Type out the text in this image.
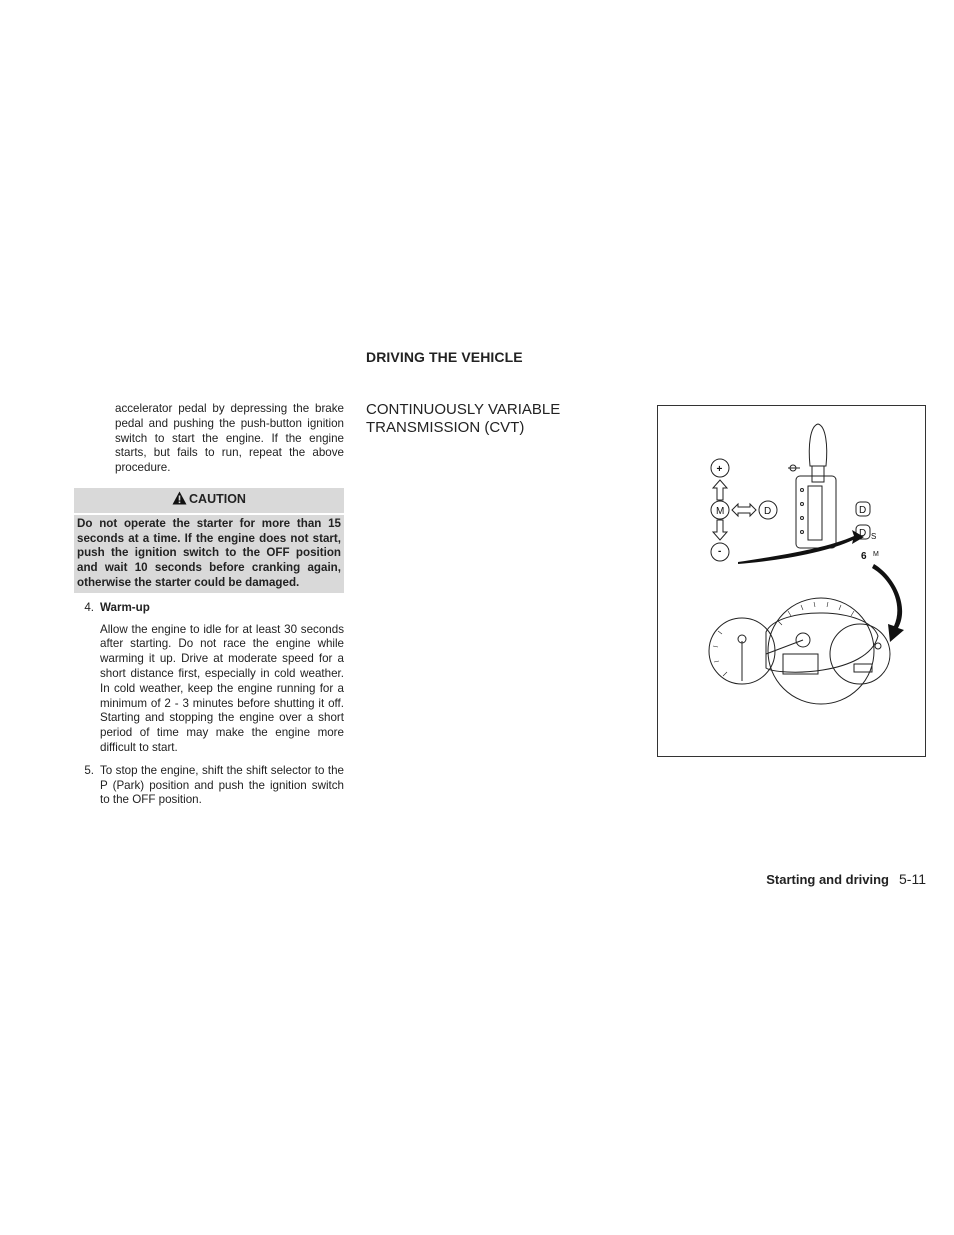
DRIVING THE VEHICLE
accelerator pedal by depressing the brake pedal and pushing the push-button ignition switch to start the engine. If the engine starts, but fails to run, repeat the above procedure.
CAUTION
Do not operate the starter for more than 15 seconds at a time. If the engine does not start, push the ignition switch to the OFF position and wait 10 seconds before cranking again, otherwise the starter could be damaged.
4. Warm-up
Allow the engine to idle for at least 30 seconds after starting. Do not race the engine while warming it up. Drive at moderate speed for a short distance first, especially in cold weather. In cold weather, keep the engine running for a minimum of 2 - 3 minutes before shutting it off. Starting and stopping the engine over a short period of time may make the engine more difficult to start.
5. To stop the engine, shift the shift selector to the P (Park) position and push the ignition switch to the OFF position.
CONTINUOUSLY VARIABLE
TRANSMISSION (CVT)
+
M
-
D	D
D S
6 M
Starting and driving 5-11
